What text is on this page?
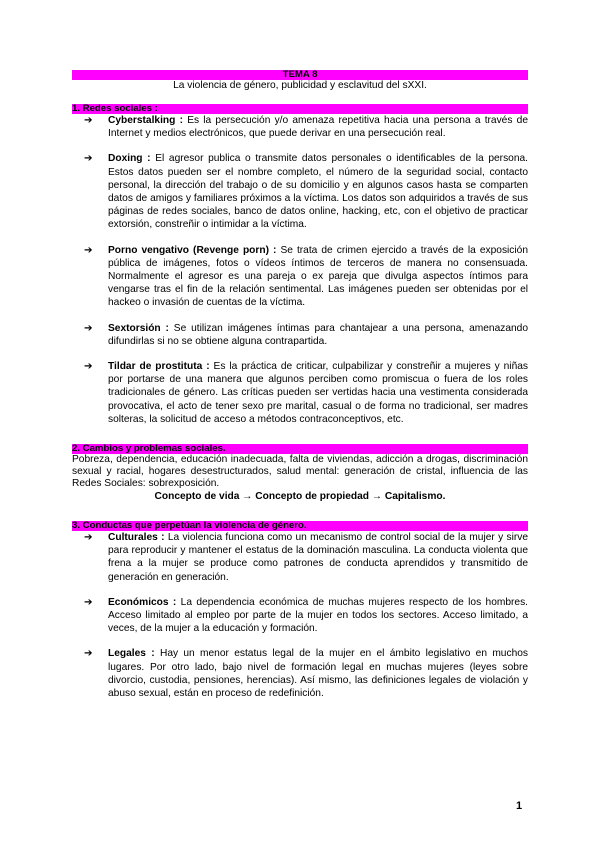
TEMA 8
La violencia de género, publicidad y esclavitud del sXXI.
1. Redes sociales :
➔ Cyberstalking : Es la persecución y/o amenaza repetitiva hacia una persona a través de Internet y medios electrónicos, que puede derivar en una persecución real.
➔ Doxing : El agresor publica o transmite datos personales o identificables de la persona. Estos datos pueden ser el nombre completo, el número de la seguridad social, contacto personal, la dirección del trabajo o de su domicilio y en algunos casos hasta se comparten datos de amigos y familiares próximos a la víctima. Los datos son adquiridos a través de sus páginas de redes sociales, banco de datos online, hacking, etc, con el objetivo de practicar extorsión, constreñir o intimidar a la víctima.
➔ Porno vengativo (Revenge porn) : Se trata de crimen ejercido a través de la exposición pública de imágenes, fotos o vídeos íntimos de terceros de manera no consensuada. Normalmente el agresor es una pareja o ex pareja que divulga aspectos íntimos para vengarse tras el fin de la relación sentimental. Las imágenes pueden ser obtenidas por el hackeo o invasión de cuentas de la víctima.
➔ Sextorsión : Se utilizan imágenes íntimas para chantajear a una persona, amenazando difundirlas si no se obtiene alguna contrapartida.
➔ Tildar de prostituta : Es la práctica de criticar, culpabilizar y constreñir a mujeres y niñas por portarse de una manera que algunos perciben como promiscua o fuera de los roles tradicionales de género. Las críticas pueden ser vertidas hacia una vestimenta considerada provocativa, el acto de tener sexo pre marital, casual o de forma no tradicional, ser madres solteras, la solicitud de acceso a métodos contraconceptivos, etc.
2. Cambios y problemas sociales.
Pobreza, dependencia, educación inadecuada, falta de viviendas, adicción a drogas, discriminación sexual y racial, hogares desestructurados, salud mental: generación de cristal, influencia de las Redes Sociales: sobrexposición.
Concepto de vida → Concepto de propiedad → Capitalismo.
3. Conductas que perpetúan la violencia de género.
➔ Culturales : La violencia funciona como un mecanismo de control social de la mujer y sirve para reproducir y mantener el estatus de la dominación masculina. La conducta violenta que frena a la mujer se produce como patrones de conducta aprendidos y transmitido de generación en generación.
➔ Económicos : La dependencia económica de muchas mujeres respecto de los hombres. Acceso limitado al empleo por parte de la mujer en todos los sectores. Acceso limitado, a veces, de la mujer a la educación y formación.
➔ Legales : Hay un menor estatus legal de la mujer en el ámbito legislativo en muchos lugares. Por otro lado, bajo nivel de formación legal en muchas mujeres (leyes sobre divorcio, custodia, pensiones, herencias). Así mismo, las definiciones legales de violación y abuso sexual, están en proceso de redefinición.
1
